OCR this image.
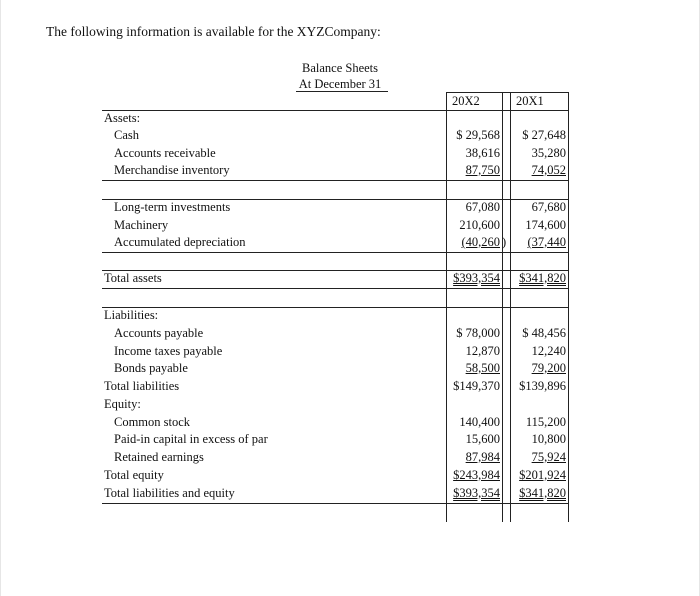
The following information is available for the XYZCompany:
Balance Sheets
At December 31
20X2	20X1
Assets:
Cash	$ 29,568	$ 27,648
Accounts receivable	38,616	35,280
Merchandise inventory	87,750	74,052
Long-term investments	67,080	67,680
Machinery	210,600	174,600
Accumulated depreciation	(40,260 )	(37,440
Total assets	$393,354	$341,820
Liabilities:
Accounts payable	$ 78,000	$ 48,456
Income taxes payable	12,870	12,240
Bonds payable	58,500	79,200
Total liabilities	$149,370	$139,896
Equity:
Common stock	140,400	115,200
Paid-in capital in excess of par	15,600	10,800
Retained earnings	87,984	75,924
Total equity	$243,984	$201,924
Total liabilities and equity	$393,354	$341,820
